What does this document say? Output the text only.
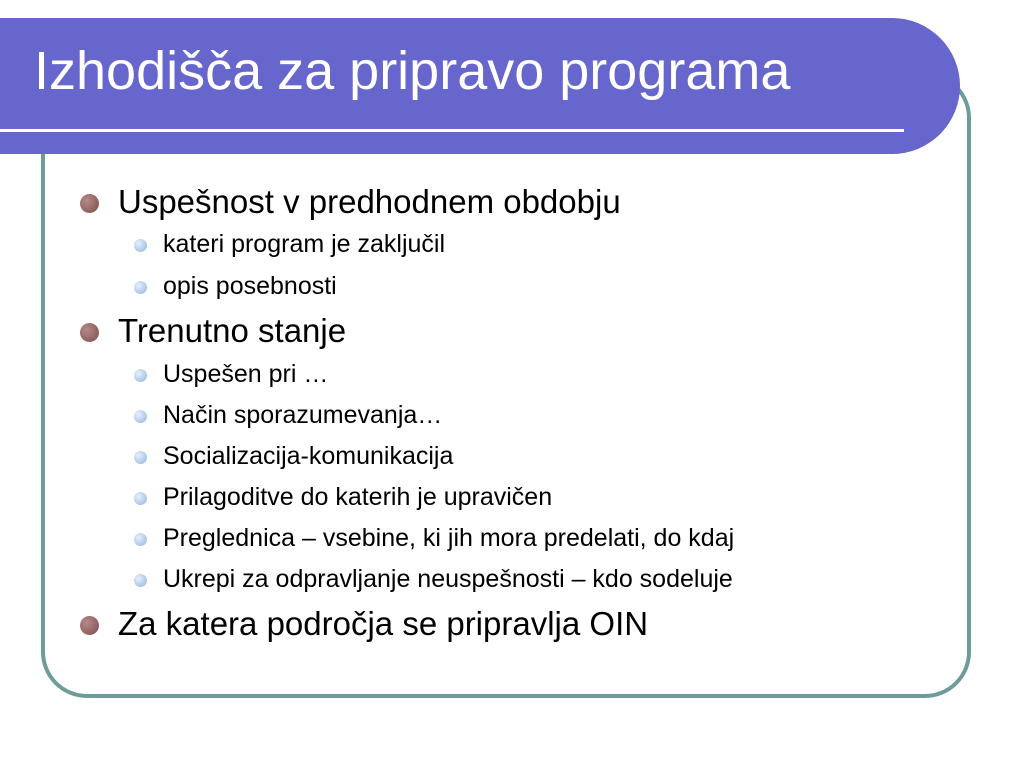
Izhodišča za pripravo programa
Uspešnost v predhodnem obdobju
kateri program je zaključil
opis posebnosti
Trenutno stanje
Uspešen pri …
Način sporazumevanja…
Socializacija-komunikacija
Prilagoditve do katerih je upravičen
Preglednica – vsebine, ki jih mora predelati, do kdaj
Ukrepi za odpravljanje neuspešnosti – kdo sodeluje
Za katera področja se pripravlja OIN
